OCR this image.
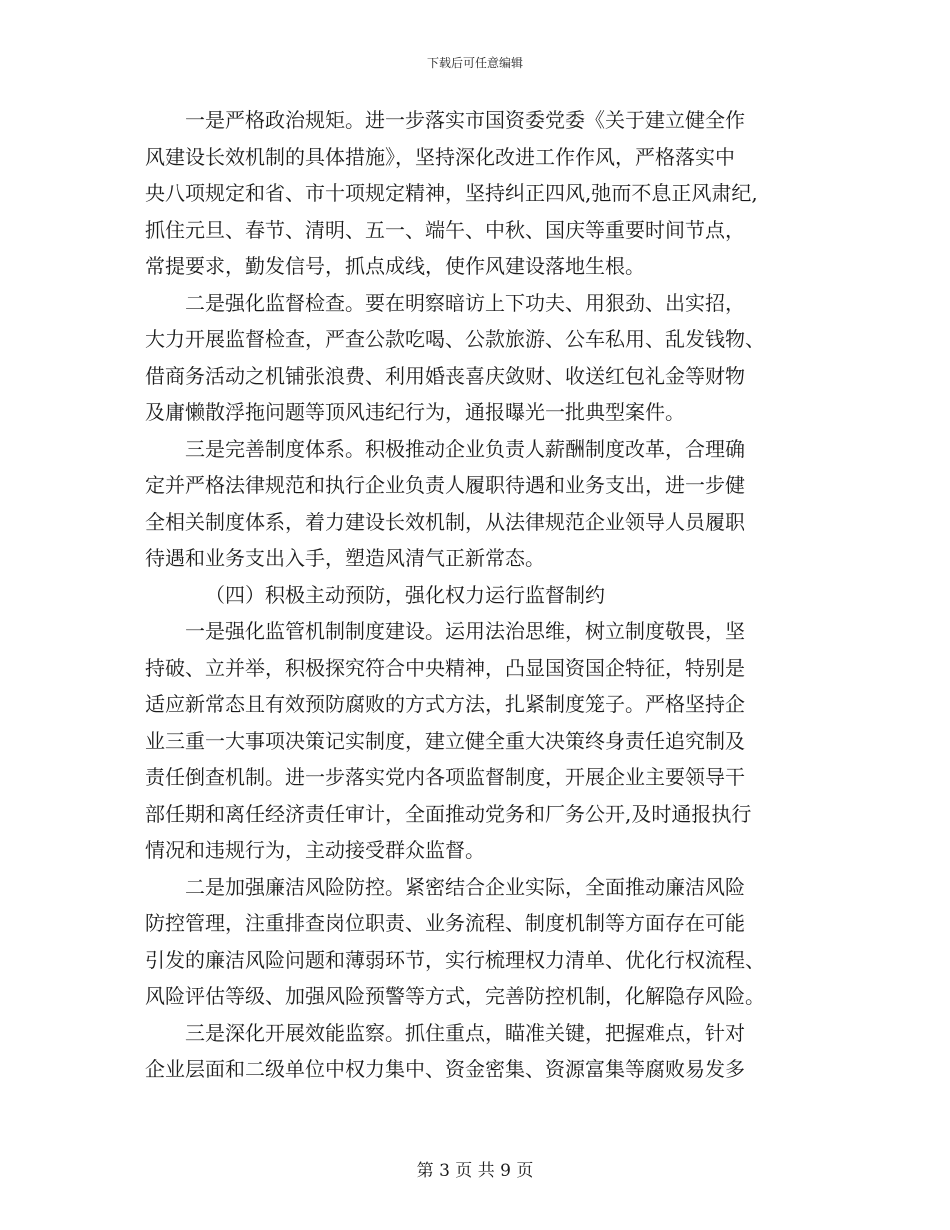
下载后可任意编辑
一是严格政治规矩。进一步落实市国资委党委《关于建立健全作
风建设长效机制的具体措施》，坚持深化改进工作作风，严格落实中
央八项规定和省、市十项规定精神，坚持纠正四风,弛而不息正风肃纪,
抓住元旦、春节、清明、五一、端午、中秋、国庆等重要时间节点，
常提要求，勤发信号，抓点成线，使作风建设落地生根。
二是强化监督检查。要在明察暗访上下功夫、用狠劲、出实招，
大力开展监督检查，严查公款吃喝、公款旅游、公车私用、乱发钱物、
借商务活动之机铺张浪费、利用婚丧喜庆敛财、收送红包礼金等财物
及庸懒散浮拖问题等顶风违纪行为，通报曝光一批典型案件。
三是完善制度体系。积极推动企业负责人薪酬制度改革，合理确
定并严格法律规范和执行企业负责人履职待遇和业务支出，进一步健
全相关制度体系，着力建设长效机制，从法律规范企业领导人员履职
待遇和业务支出入手，塑造风清气正新常态。
（四）积极主动预防，强化权力运行监督制约
一是强化监管机制制度建设。运用法治思维，树立制度敬畏，坚
持破、立并举，积极探究符合中央精神，凸显国资国企特征，特别是
适应新常态且有效预防腐败的方式方法，扎紧制度笼子。严格坚持企
业三重一大事项决策记实制度，建立健全重大决策终身责任追究制及
责任倒查机制。进一步落实党内各项监督制度，开展企业主要领导干
部任期和离任经济责任审计，全面推动党务和厂务公开,及时通报执行
情况和违规行为，主动接受群众监督。
二是加强廉洁风险防控。紧密结合企业实际，全面推动廉洁风险
防控管理，注重排查岗位职责、业务流程、制度机制等方面存在可能
引发的廉洁风险问题和薄弱环节，实行梳理权力清单、优化行权流程、
风险评估等级、加强风险预警等方式，完善防控机制，化解隐存风险。
三是深化开展效能监察。抓住重点，瞄准关键，把握难点，针对
企业层面和二级单位中权力集中、资金密集、资源富集等腐败易发多
第 3 页 共 9 页
